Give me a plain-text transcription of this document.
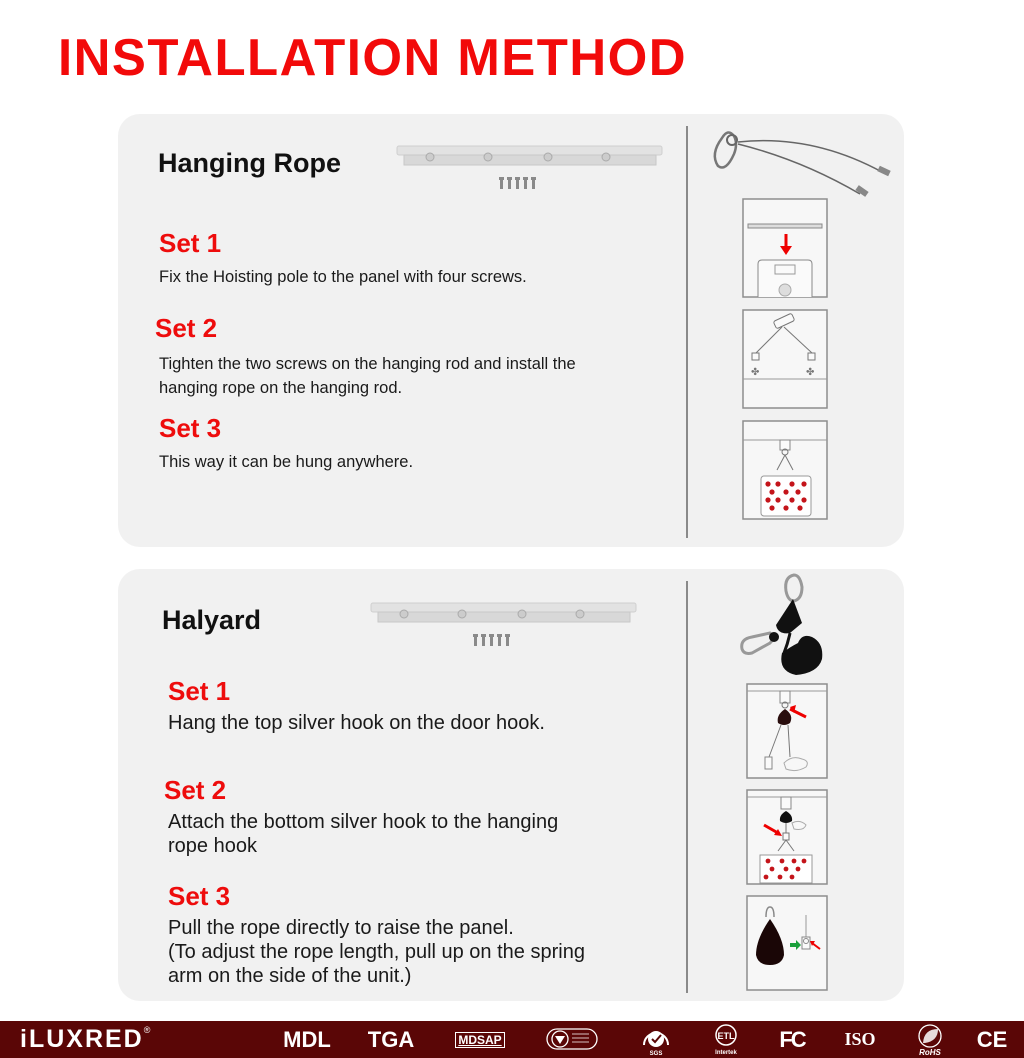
INSTALLATION METHOD
Hanging Rope
Set 1
Fix the Hoisting pole to the panel with four screws.
Set 2
Tighten the two screws on the hanging rod and install the
hanging rope on the hanging rod.
Set 3
This way it can be hung anywhere.
✤	✤
Halyard
Set 1
Hang the top silver hook on the door hook.
Set 2
Attach the bottom silver hook to the hanging
rope hook
Set 3
Pull the rope directly to raise the panel.
(To adjust the rope length, pull up on the spring
arm on the side of the unit.)
iLUXRED®	MDL TGA	MDSAP
SGS
ETL
Intertek
FC ISO
RoHS
CE
